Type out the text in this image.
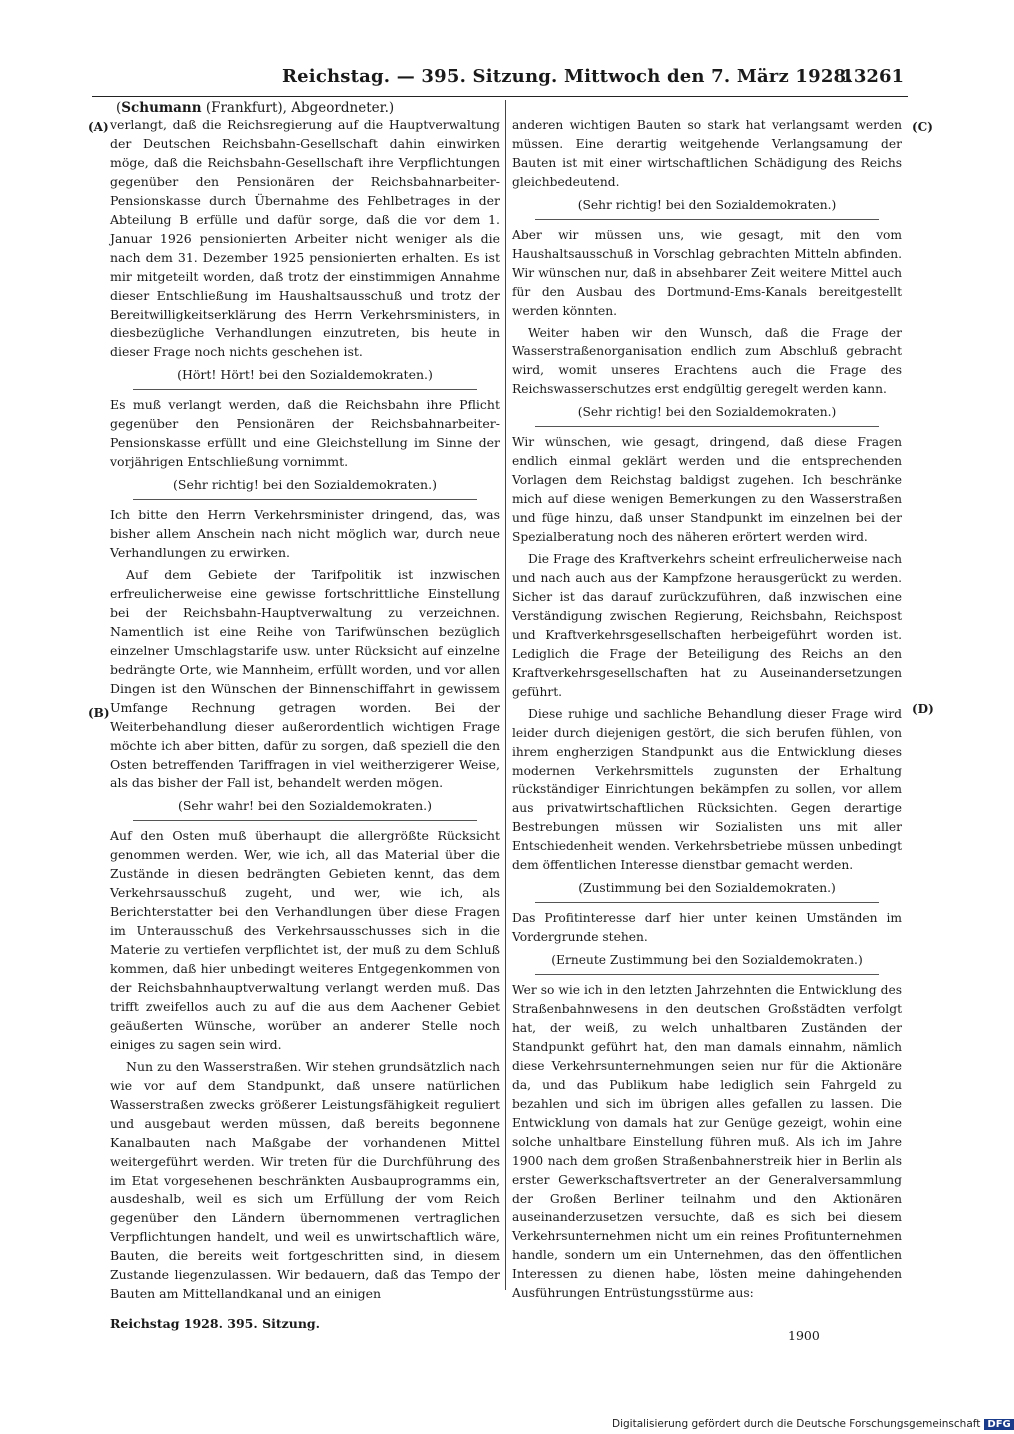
Reichstag. — 395. Sitzung. Mittwoch den 7. März 1928.
13261
(Schumann (Frankfurt), Abgeordneter.)
(A)
(B)
(C)
(D)

verlangt, daß die Reichsregierung auf die Hauptverwaltung der Deutschen Reichsbahn-Gesellschaft dahin einwirken möge, daß die Reichsbahn-Gesellschaft ihre Verpflichtungen gegenüber den Pensionären der Reichsbahnarbeiter-Pensionskasse durch Übernahme des Fehlbetrages in der Abteilung B erfülle und dafür sorge, daß die vor dem 1. Januar 1926 pensionierten Arbeiter nicht weniger als die nach dem 31. Dezember 1925 pensionierten erhalten. Es ist mir mitgeteilt worden, daß trotz der einstimmigen Annahme dieser Entschließung im Haushaltsausschuß und trotz der Bereitwilligkeitserklärung des Herrn Verkehrsministers, in diesbezügliche Verhandlungen einzutreten, bis heute in dieser Frage noch nichts geschehen ist.

(Hört! Hört! bei den Sozialdemokraten.)

Es muß verlangt werden, daß die Reichsbahn ihre Pflicht gegenüber den Pensionären der Reichsbahnarbeiter-Pensionskasse erfüllt und eine Gleichstellung im Sinne der vorjährigen Entschließung vornimmt.

(Sehr richtig! bei den Sozialdemokraten.)

Ich bitte den Herrn Verkehrsminister dringend, das, was bisher allem Anschein nach nicht möglich war, durch neue Verhandlungen zu erwirken.

Auf dem Gebiete der Tarifpolitik ist inzwischen erfreulicherweise eine gewisse fortschrittliche Einstellung bei der Reichsbahn-Hauptverwaltung zu verzeichnen. Namentlich ist eine Reihe von Tarifwünschen bezüglich einzelner Umschlagstarife usw. unter Rücksicht auf einzelne bedrängte Orte, wie Mannheim, erfüllt worden, und vor allen Dingen ist den Wünschen der Binnenschiffahrt in gewissem Umfange Rechnung getragen worden. Bei der Weiterbehandlung dieser außerordentlich wichtigen Frage möchte ich aber bitten, dafür zu sorgen, daß speziell die den Osten betreffenden Tariffragen in viel weitherzigerer Weise, als das bisher der Fall ist, behandelt werden mögen.

(Sehr wahr! bei den Sozialdemokraten.)

Auf den Osten muß überhaupt die allergrößte Rücksicht genommen werden. Wer, wie ich, all das Material über die Zustände in diesen bedrängten Gebieten kennt, das dem Verkehrsausschuß zugeht, und wer, wie ich, als Berichterstatter bei den Verhandlungen über diese Fragen im Unterausschuß des Verkehrsausschusses sich in die Materie zu vertiefen verpflichtet ist, der muß zu dem Schluß kommen, daß hier unbedingt weiteres Entgegenkommen von der Reichsbahnhauptverwaltung verlangt werden muß. Das trifft zweifellos auch zu auf die aus dem Aachener Gebiet geäußerten Wünsche, worüber an anderer Stelle noch einiges zu sagen sein wird.

Nun zu den Wasserstraßen. Wir stehen grundsätzlich nach wie vor auf dem Standpunkt, daß unsere natürlichen Wasserstraßen zwecks größerer Leistungsfähigkeit reguliert und ausgebaut werden müssen, daß bereits begonnene Kanalbauten nach Maßgabe der vorhandenen Mittel weitergeführt werden. Wir treten für die Durchführung des im Etat vorgesehenen beschränkten Ausbauprogramms ein, ausdeshalb, weil es sich um Erfüllung der vom Reich gegenüber den Ländern übernommenen vertraglichen Verpflichtungen handelt, und weil es unwirtschaftlich wäre, Bauten, die bereits weit fortgeschritten sind, in diesem Zustande liegenzulassen. Wir bedauern, daß das Tempo der Bauten am Mittellandkanal und an einigen

anderen wichtigen Bauten so stark hat verlangsamt werden müssen. Eine derartig weitgehende Verlangsamung der Bauten ist mit einer wirtschaftlichen Schädigung des Reichs gleichbedeutend.

(Sehr richtig! bei den Sozialdemokraten.)

Aber wir müssen uns, wie gesagt, mit den vom Haushaltsausschuß in Vorschlag gebrachten Mitteln abfinden. Wir wünschen nur, daß in absehbarer Zeit weitere Mittel auch für den Ausbau des Dortmund-Ems-Kanals bereitgestellt werden könnten.

Weiter haben wir den Wunsch, daß die Frage der Wasserstraßenorganisation endlich zum Abschluß gebracht wird, womit unseres Erachtens auch die Frage des Reichswasserschutzes erst endgültig geregelt werden kann.

(Sehr richtig! bei den Sozialdemokraten.)

Wir wünschen, wie gesagt, dringend, daß diese Fragen endlich einmal geklärt werden und die entsprechenden Vorlagen dem Reichstag baldigst zugehen. Ich beschränke mich auf diese wenigen Bemerkungen zu den Wasserstraßen und füge hinzu, daß unser Standpunkt im einzelnen bei der Spezialberatung noch des näheren erörtert werden wird.

Die Frage des Kraftverkehrs scheint erfreulicherweise nach und nach auch aus der Kampfzone herausgerückt zu werden. Sicher ist das darauf zurückzuführen, daß inzwischen eine Verständigung zwischen Regierung, Reichsbahn, Reichspost und Kraftverkehrsgesellschaften herbeigeführt worden ist. Lediglich die Frage der Beteiligung des Reichs an den Kraftverkehrsgesellschaften hat zu Auseinandersetzungen geführt.

Diese ruhige und sachliche Behandlung dieser Frage wird leider durch diejenigen gestört, die sich berufen fühlen, von ihrem engherzigen Standpunkt aus die Entwicklung dieses modernen Verkehrsmittels zugunsten der Erhaltung rückständiger Einrichtungen bekämpfen zu sollen, vor allem aus privatwirtschaftlichen Rücksichten. Gegen derartige Bestrebungen müssen wir Sozialisten uns mit aller Entschiedenheit wenden. Verkehrsbetriebe müssen unbedingt dem öffentlichen Interesse dienstbar gemacht werden.

(Zustimmung bei den Sozialdemokraten.)

Das Profitinteresse darf hier unter keinen Umständen im Vordergrunde stehen.

(Erneute Zustimmung bei den Sozialdemokraten.)

Wer so wie ich in den letzten Jahrzehnten die Entwicklung des Straßenbahnwesens in den deutschen Großstädten verfolgt hat, der weiß, zu welch unhaltbaren Zuständen der Standpunkt geführt hat, den man damals einnahm, nämlich diese Verkehrsunternehmungen seien nur für die Aktionäre da, und das Publikum habe lediglich sein Fahrgeld zu bezahlen und sich im übrigen alles gefallen zu lassen. Die Entwicklung von damals hat zur Genüge gezeigt, wohin eine solche unhaltbare Einstellung führen muß. Als ich im Jahre 1900 nach dem großen Straßenbahnerstreik hier in Berlin als erster Gewerkschaftsvertreter an der Generalversammlung der Großen Berliner teilnahm und den Aktionären auseinanderzusetzen versuchte, daß es sich bei diesem Verkehrsunternehmen nicht um ein reines Profitunternehmen handle, sondern um ein Unternehmen, das den öffentlichen Interessen zu dienen habe, lösten meine dahingehenden Ausführungen Entrüstungsstürme aus:

Reichstag 1928. 395. Sitzung.
1900
Digitalisierung gefördert durch die Deutsche Forschungsgemeinschaft DFG
